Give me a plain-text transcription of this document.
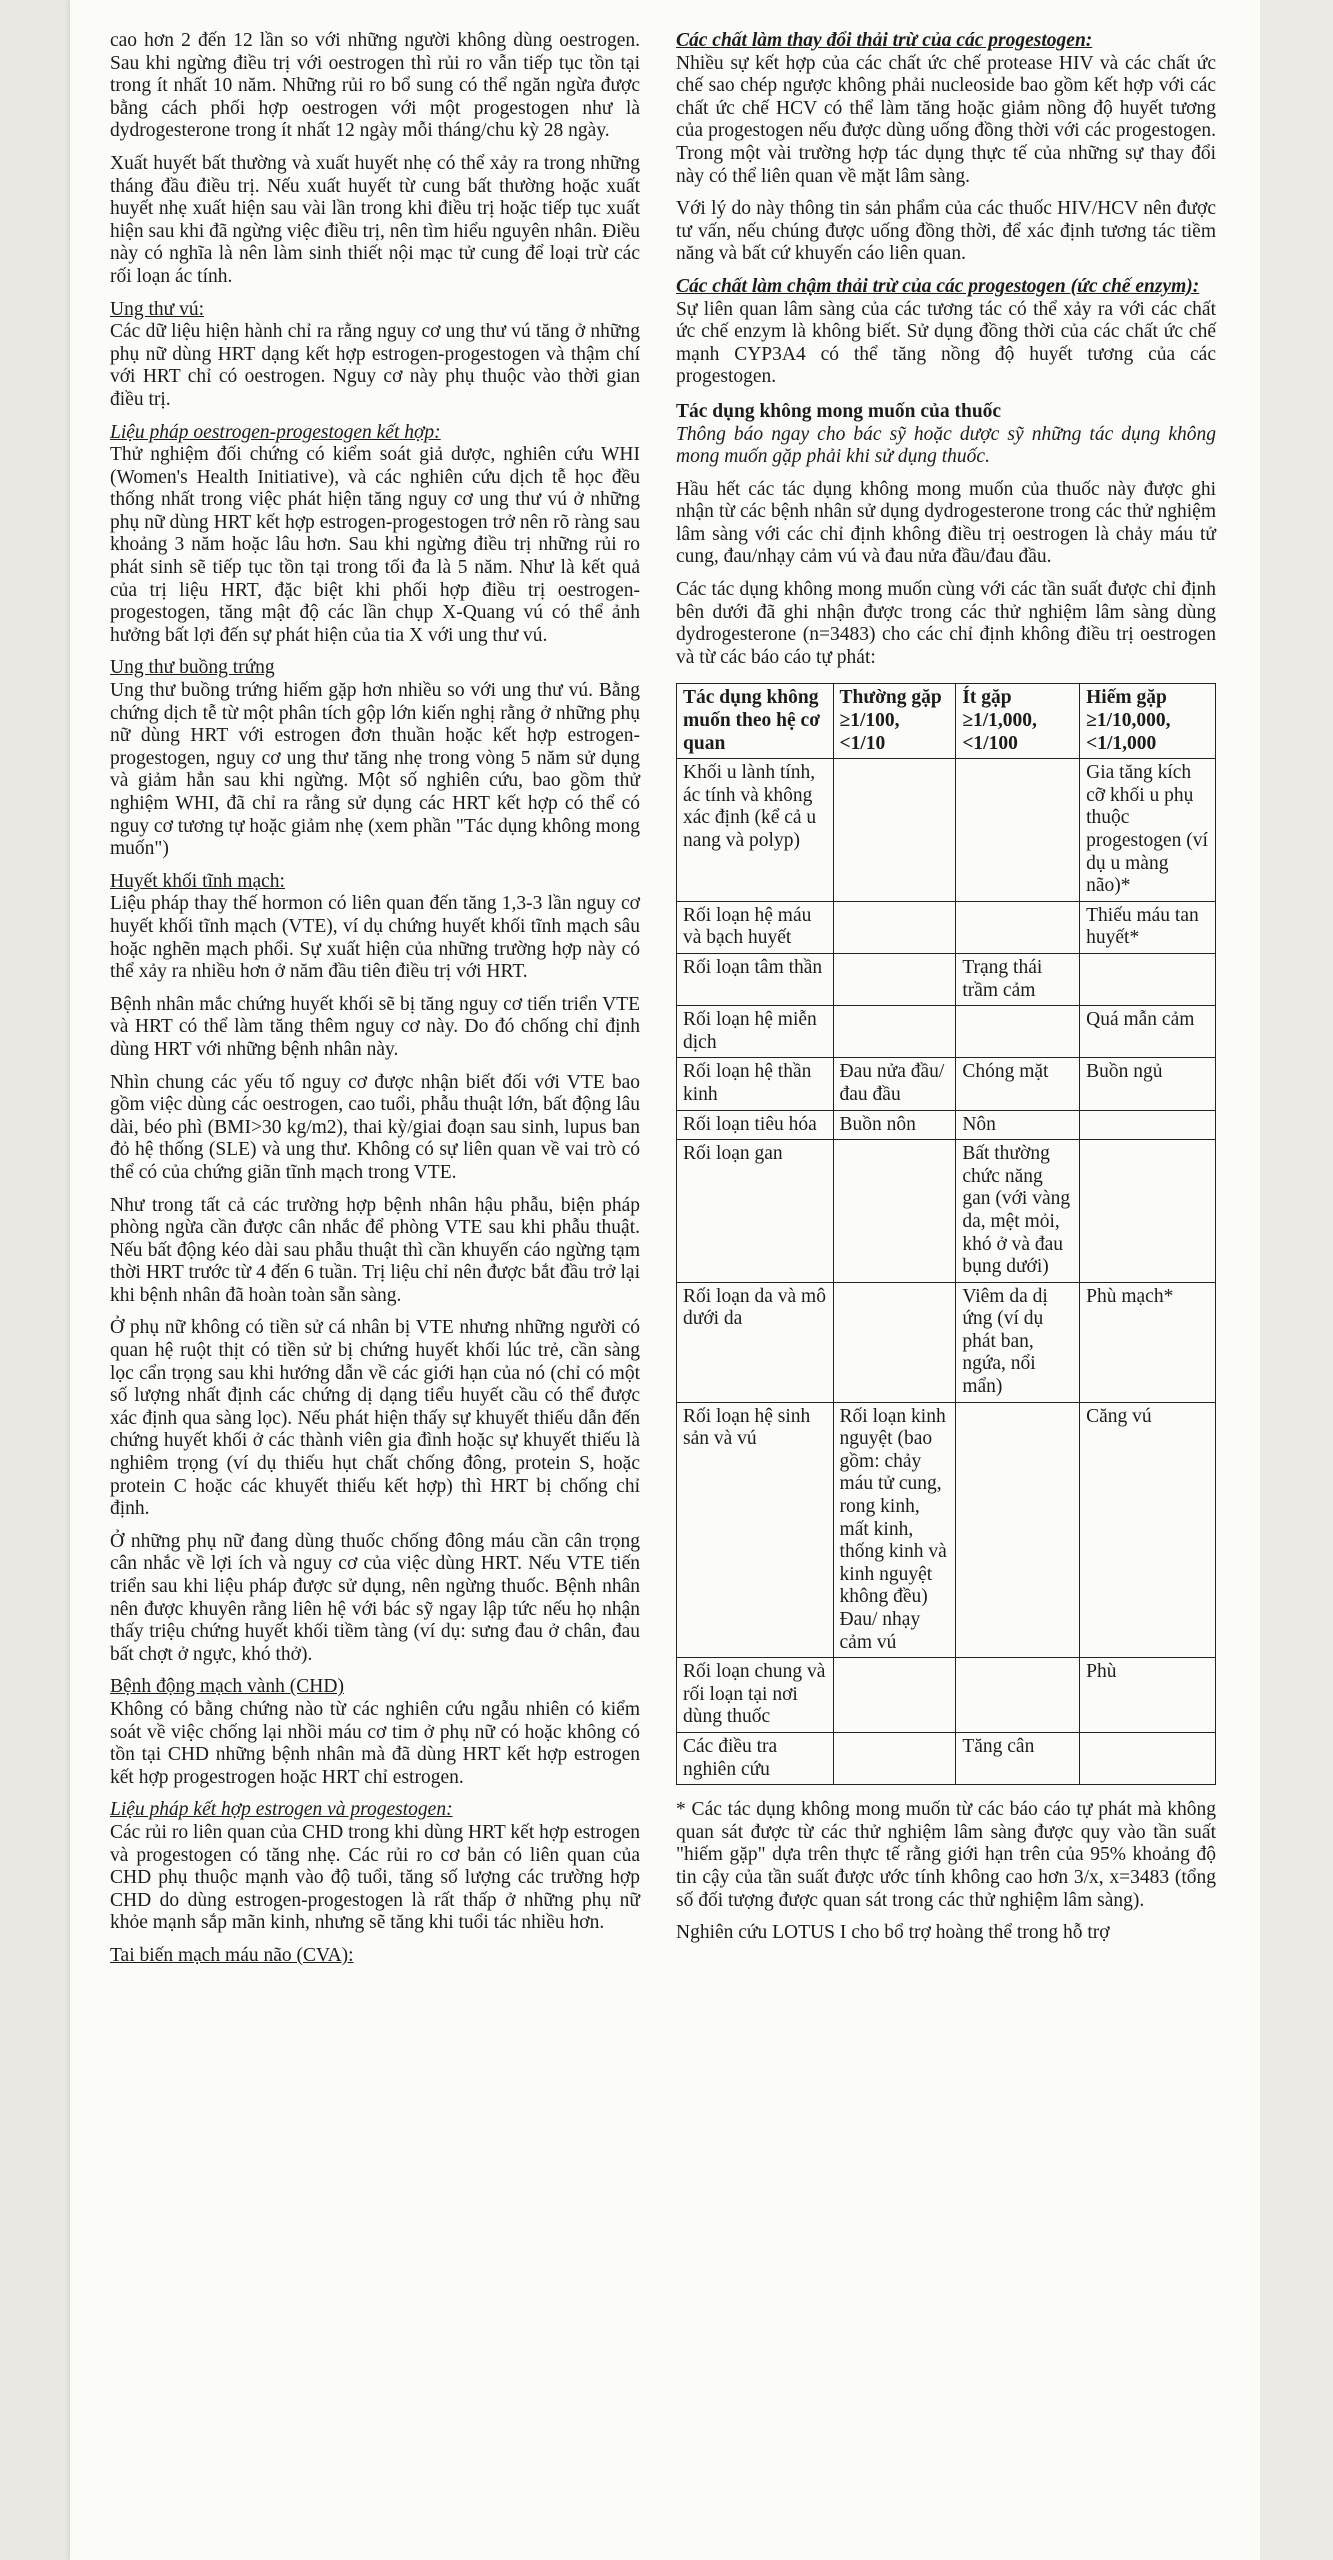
cao hơn 2 đến 12 lần so với những người không dùng oestrogen. Sau khi ngừng điều trị với oestrogen thì rủi ro vẫn tiếp tục tồn tại trong ít nhất 10 năm. Những rủi ro bổ sung có thể ngăn ngừa được bằng cách phối hợp oestrogen với một progestogen như là dydrogesterone trong ít nhất 12 ngày mỗi tháng/chu kỳ 28 ngày.

Xuất huyết bất thường và xuất huyết nhẹ có thể xảy ra trong những tháng đầu điều trị. Nếu xuất huyết từ cung bất thường hoặc xuất huyết nhẹ xuất hiện sau vài lần trong khi điều trị hoặc tiếp tục xuất hiện sau khi đã ngừng việc điều trị, nên tìm hiểu nguyên nhân. Điều này có nghĩa là nên làm sinh thiết nội mạc tử cung để loại trừ các rối loạn ác tính.

Ung thư vú:

Các dữ liệu hiện hành chỉ ra rằng nguy cơ ung thư vú tăng ở những phụ nữ dùng HRT dạng kết hợp estrogen-progestogen và thậm chí với HRT chỉ có oestrogen. Nguy cơ này phụ thuộc vào thời gian điều trị.

Liệu pháp oestrogen-progestogen kết hợp:

Thử nghiệm đối chứng có kiểm soát giả dược, nghiên cứu WHI (Women's Health Initiative), và các nghiên cứu dịch tễ học đều thống nhất trong việc phát hiện tăng nguy cơ ung thư vú ở những phụ nữ dùng HRT kết hợp estrogen-progestogen trở nên rõ ràng sau khoảng 3 năm hoặc lâu hơn. Sau khi ngừng điều trị những rủi ro phát sinh sẽ tiếp tục tồn tại trong tối đa là 5 năm. Như là kết quả của trị liệu HRT, đặc biệt khi phối hợp điều trị oestrogen-progestogen, tăng mật độ các lần chụp X-Quang vú có thể ảnh hưởng bất lợi đến sự phát hiện của tia X với ung thư vú.

Ung thư buồng trứng

Ung thư buồng trứng hiếm gặp hơn nhiều so với ung thư vú. Bằng chứng dịch tễ từ một phân tích gộp lớn kiến nghị rằng ở những phụ nữ dùng HRT với estrogen đơn thuần hoặc kết hợp estrogen-progestogen, nguy cơ ung thư tăng nhẹ trong vòng 5 năm sử dụng và giảm hẳn sau khi ngừng. Một số nghiên cứu, bao gồm thử nghiệm WHI, đã chỉ ra rằng sử dụng các HRT kết hợp có thể có nguy cơ tương tự hoặc giảm nhẹ (xem phần "Tác dụng không mong muốn")

Huyết khối tĩnh mạch:

Liệu pháp thay thế hormon có liên quan đến tăng 1,3-3 lần nguy cơ huyết khối tĩnh mạch (VTE), ví dụ chứng huyết khối tĩnh mạch sâu hoặc nghẽn mạch phổi. Sự xuất hiện của những trường hợp này có thể xảy ra nhiều hơn ở năm đầu tiên điều trị với HRT.

Bệnh nhân mắc chứng huyết khối sẽ bị tăng nguy cơ tiến triển VTE và HRT có thể làm tăng thêm nguy cơ này. Do đó chống chỉ định dùng HRT với những bệnh nhân này.

Nhìn chung các yếu tố nguy cơ được nhận biết đối với VTE bao gồm việc dùng các oestrogen, cao tuổi, phẫu thuật lớn, bất động lâu dài, béo phì (BMI>30 kg/m2), thai kỳ/giai đoạn sau sinh, lupus ban đỏ hệ thống (SLE) và ung thư. Không có sự liên quan về vai trò có thể có của chứng giãn tĩnh mạch trong VTE.

Như trong tất cả các trường hợp bệnh nhân hậu phẫu, biện pháp phòng ngừa cần được cân nhắc để phòng VTE sau khi phẫu thuật. Nếu bất động kéo dài sau phẫu thuật thì cần khuyến cáo ngừng tạm thời HRT trước từ 4 đến 6 tuần. Trị liệu chỉ nên được bắt đầu trở lại khi bệnh nhân đã hoàn toàn sẵn sàng.

Ở phụ nữ không có tiền sử cá nhân bị VTE nhưng những người có quan hệ ruột thịt có tiền sử bị chứng huyết khối lúc trẻ, cần sàng lọc cẩn trọng sau khi hướng dẫn về các giới hạn của nó (chỉ có một số lượng nhất định các chứng dị dạng tiểu huyết cầu có thể được xác định qua sàng lọc). Nếu phát hiện thấy sự khuyết thiếu dẫn đến chứng huyết khối ở các thành viên gia đình hoặc sự khuyết thiếu là nghiêm trọng (ví dụ thiếu hụt chất chống đông, protein S, hoặc protein C hoặc các khuyết thiếu kết hợp) thì HRT bị chống chỉ định.

Ở những phụ nữ đang dùng thuốc chống đông máu cần cân trọng cân nhắc về lợi ích và nguy cơ của việc dùng HRT. Nếu VTE tiến triển sau khi liệu pháp được sử dụng, nên ngừng thuốc. Bệnh nhân nên được khuyên rằng liên hệ với bác sỹ ngay lập tức nếu họ nhận thấy triệu chứng huyết khối tiềm tàng (ví dụ: sưng đau ở chân, đau bất chợt ở ngực, khó thở).

Bệnh động mạch vành (CHD)

Không có bằng chứng nào từ các nghiên cứu ngẫu nhiên có kiểm soát về việc chống lại nhồi máu cơ tim ở phụ nữ có hoặc không có tồn tại CHD những bệnh nhân mà đã dùng HRT kết hợp estrogen kết hợp progestrogen hoặc HRT chỉ estrogen.

Liệu pháp kết hợp estrogen và progestogen:

Các rủi ro liên quan của CHD trong khi dùng HRT kết hợp estrogen và progestogen có tăng nhẹ. Các rủi ro cơ bản có liên quan của CHD phụ thuộc mạnh vào độ tuổi, tăng số lượng các trường hợp CHD do dùng estrogen-progestogen là rất thấp ở những phụ nữ khỏe mạnh sắp mãn kinh, nhưng sẽ tăng khi tuổi tác nhiều hơn.

Tai biến mạch máu não (CVA):
Các chất làm thay đổi thải trừ của các progestogen:

Nhiều sự kết hợp của các chất ức chế protease HIV và các chất ức chế sao chép ngược không phải nucleoside bao gồm kết hợp với các chất ức chế HCV có thể làm tăng hoặc giảm nồng độ huyết tương của progestogen nếu được dùng uống đồng thời với các progestogen. Trong một vài trường hợp tác dụng thực tế của những sự thay đổi này có thể liên quan về mặt lâm sàng.

Với lý do này thông tin sản phẩm của các thuốc HIV/HCV nên được tư vấn, nếu chúng được uống đồng thời, để xác định tương tác tiềm năng và bất cứ khuyến cáo liên quan.

Các chất làm chậm thải trừ của các progestogen (ức chế enzym):

Sự liên quan lâm sàng của các tương tác có thể xảy ra với các chất ức chế enzym là không biết. Sử dụng đồng thời của các chất ức chế mạnh CYP3A4 có thể tăng nồng độ huyết tương của các progestogen.

Tác dụng không mong muốn của thuốc

Thông báo ngay cho bác sỹ hoặc dược sỹ những tác dụng không mong muốn gặp phải khi sử dụng thuốc.

Hầu hết các tác dụng không mong muốn của thuốc này được ghi nhận từ các bệnh nhân sử dụng dydrogesterone trong các thử nghiệm lâm sàng với các chỉ định không điều trị oestrogen là chảy máu tử cung, đau/nhạy cảm vú và đau nửa đầu/đau đầu.

Các tác dụng không mong muốn cùng với các tần suất được chỉ định bên dưới đã ghi nhận được trong các thử nghiệm lâm sàng dùng dydrogesterone (n=3483) cho các chỉ định không điều trị oestrogen và từ các báo cáo tự phát:

Tác dụng không muốn theo hệ cơ quan	Thường gặp ≥1/100, <1/10	Ít gặp ≥1/1,000, <1/100	Hiếm gặp ≥1/10,000, <1/1,000
Khối u lành tính, ác tính và không xác định (kể cả u nang và polyp)			Gia tăng kích cỡ khối u phụ thuộc progestogen (ví dụ u màng não)*
Rối loạn hệ máu và bạch huyết			Thiếu máu tan huyết*
Rối loạn tâm thần		Trạng thái trầm cảm	
Rối loạn hệ miễn dịch			Quá mẫn cảm
Rối loạn hệ thần kinh	Đau nửa đầu/ đau đầu	Chóng mặt	Buồn ngủ
Rối loạn tiêu hóa	Buồn nôn	Nôn	
Rối loạn gan		Bất thường chức năng gan (với vàng da, mệt mỏi, khó ở và đau bụng dưới)	
Rối loạn da và mô dưới da		Viêm da dị ứng (ví dụ phát ban, ngứa, nổi mẩn)	Phù mạch*
Rối loạn hệ sinh sản và vú	Rối loạn kinh nguyệt (bao gồm: chảy máu tử cung, rong kinh, mất kinh, thống kinh và kinh nguyệt không đều) Đau/ nhạy cảm vú		Căng vú
Rối loạn chung và rối loạn tại nơi dùng thuốc			Phù
Các điều tra nghiên cứu		Tăng cân	

* Các tác dụng không mong muốn từ các báo cáo tự phát mà không quan sát được từ các thử nghiệm lâm sàng được quy vào tần suất "hiếm gặp" dựa trên thực tế rằng giới hạn trên của 95% khoảng độ tin cậy của tần suất được ước tính không cao hơn 3/x, x=3483 (tổng số đối tượng được quan sát trong các thử nghiệm lâm sàng).

Nghiên cứu LOTUS I cho bổ trợ hoàng thể trong hỗ trợ
